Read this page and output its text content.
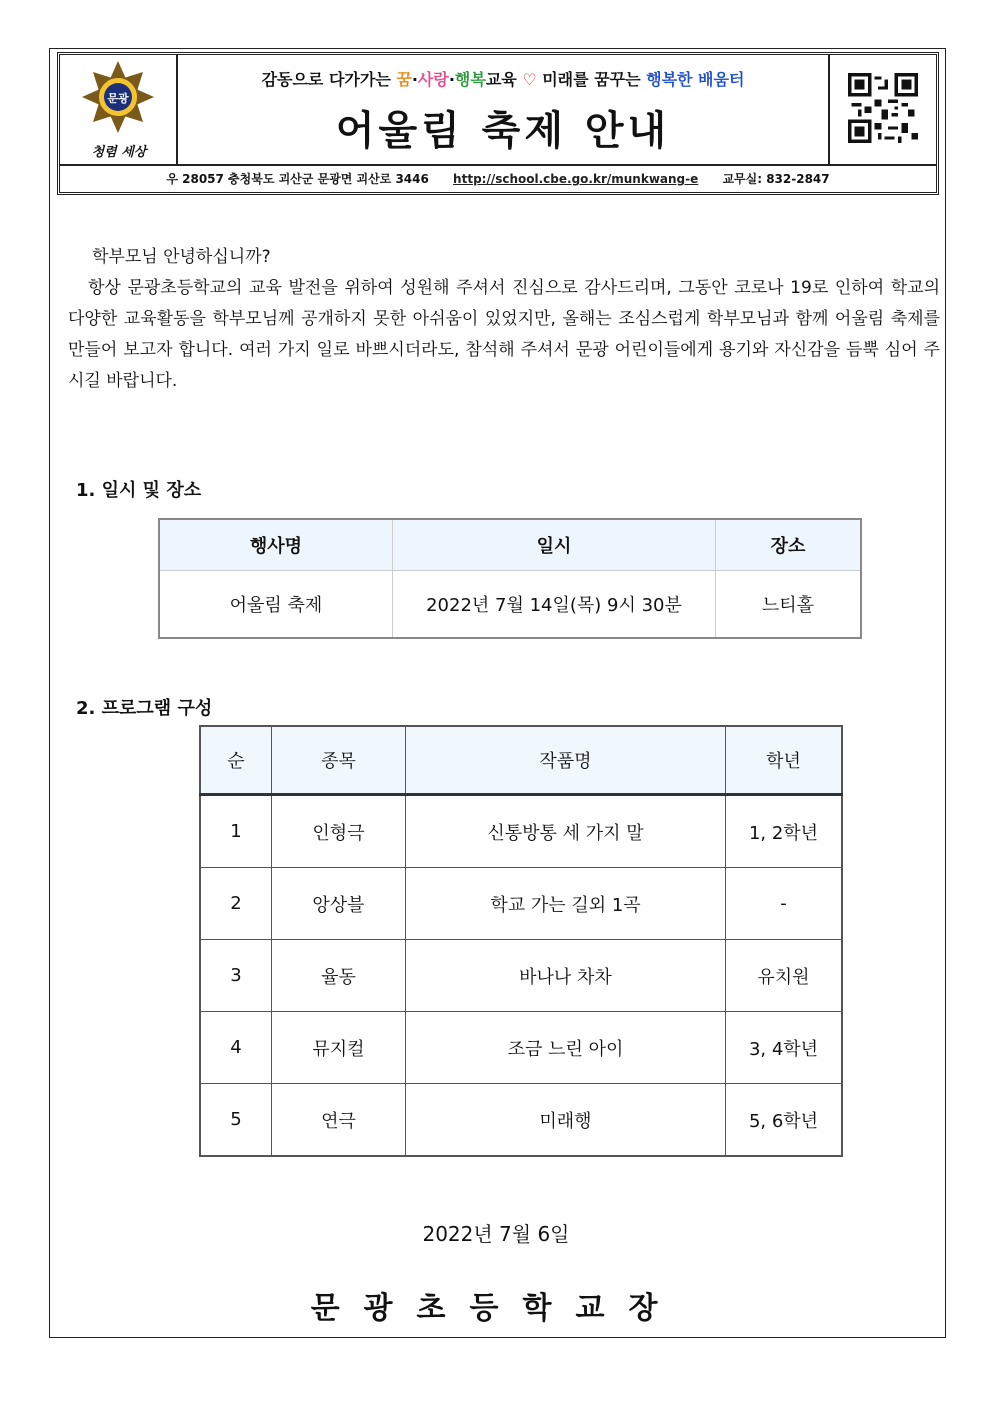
문광
청렴 세상
감동으로 다가가는 꿈·사랑·행복교육 ♡ 미래를 꿈꾸는 행복한 배움터
어울림 축제 안내
우 28057 충청북도 괴산군 문광면 괴산로 3446 http://school.cbe.go.kr/munkwang-e 교무실: 832-2847

학부모님 안녕하십니까?

항상 문광초등학교의 교육 발전을 위하여 성원해 주셔서 진심으로 감사드리며, 그동안 코로나 19로 인하여 학교의 다양한 교육활동을 학부모님께 공개하지 못한 아쉬움이 있었지만, 올해는 조심스럽게 학부모님과 함께 어울림 축제를 만들어 보고자 합니다. 여러 가지 일로 바쁘시더라도, 참석해 주셔서 문광 어린이들에게 용기와 자신감을 듬뿍 심어 주시길 바랍니다.

1. 일시 및 장소
행사명	일시	장소
어울림 축제	2022년 7월 14일(목) 9시 30분	느티홀
2. 프로그램 구성
순	종목	작품명	학년
1	인형극	신통방통 세 가지 말	1, 2학년
2	앙상블	학교 가는 길외 1곡	-
3	율동	바나나 차차	유치원
4	뮤지컬	조금 느린 아이	3, 4학년
5	연극	미래행	5, 6학년
2022년 7월 6일
문광초등학교장
